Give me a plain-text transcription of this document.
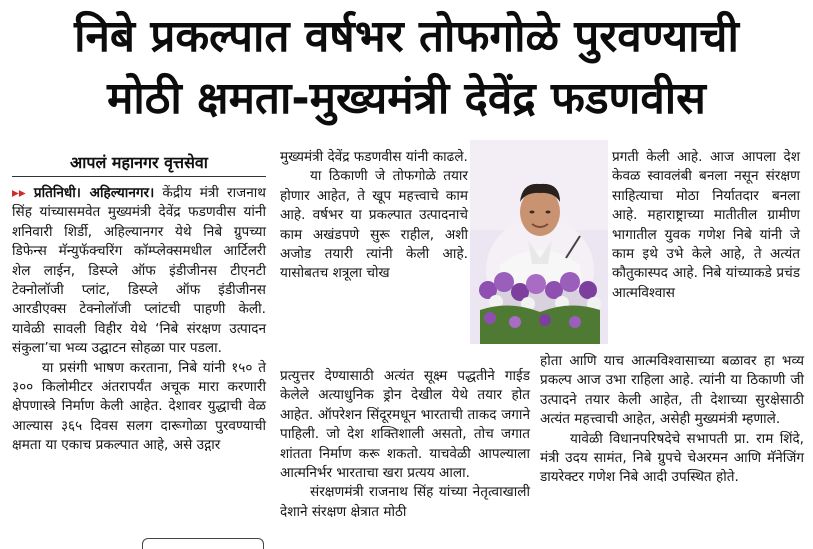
निबे प्रकल्पात वर्षभर तोफगोळे पुरवण्याची
मोठी क्षमता-मुख्यमंत्री देवेंद्र फडणवीस
आपलं महानगर वृत्तसेवा

▸▸ प्रतिनिधी। अहिल्यानगर। केंद्रीय मंत्री राजनाथ सिंह यांच्यासमवेत मुख्यमंत्री देवेंद्र फडणवीस यांनी शनिवारी शिर्डी, अहिल्यानगर येथे निबे ग्रुपच्या डिफेन्स मॅन्युफॅक्चरिंग कॉम्प्लेक्समधील आर्टिलरी शेल लाईन, डिस्प्ले ऑफ इंडीजीनस टीएनटी टेक्नोलॉजी प्लांट, डिस्प्ले ऑफ इंडीजीनस आरडीएक्स टेक्नोलॉजी प्लांटची पाहणी केली. यावेळी सावली विहीर येथे ‘निबे संरक्षण उत्पादन संकुला’चा भव्य उद्घाटन सोहळा पार पडला.

या प्रसंगी भाषण करताना, निबे यांनी १५० ते ३०० किलोमीटर अंतरापर्यंत अचूक मारा करणारी क्षेपणास्त्रे निर्माण केली आहेत. देशावर युद्धाची वेळ आल्यास ३६५ दिवस सलग दारूगोळा पुरवण्याची क्षमता या एकाच प्रकल्पात आहे, असे उद्गार

मुख्यमंत्री देवेंद्र फडणवीस यांनी काढले.

या ठिकाणी जे तोफगोळे तयार होणार आहेत, ते खूप महत्त्वाचे काम आहे. वर्षभर या प्रकल्पात उत्पादनाचे काम अखंडपणे सुरू राहील, अशी अजोड तयारी त्यांनी केली आहे. यासोबतच शत्रूला चोख

प्रत्युत्तर देण्यासाठी अत्यंत सूक्ष्म पद्धतीने गाईड केलेले अत्याधुनिक ड्रोन देखील येथे तयार होत आहेत. ऑपरेशन सिंदूरमधून भारताची ताकद जगाने पाहिली. जो देश शक्तिशाली असतो, तोच जगात शांतता निर्माण करू शकतो. याचवेळी आपल्याला आत्मनिर्भर भारताचा खरा प्रत्यय आला.

संरक्षणमंत्री राजनाथ सिंह यांच्या नेतृत्वाखाली देशाने संरक्षण क्षेत्रात मोठी

प्रगती केली आहे. आज आपला देश केवळ स्वावलंबी बनला नसून संरक्षण साहित्याचा मोठा निर्यातदार बनला आहे. महाराष्ट्राच्या मातीतील ग्रामीण भागातील युवक गणेश निबे यांनी जे काम इथे उभे केले आहे, ते अत्यंत कौतुकास्पद आहे. निबे यांच्याकडे प्रचंड आत्मविश्वास

होता आणि याच आत्मविश्वासाच्या बळावर हा भव्य प्रकल्प आज उभा राहिला आहे. त्यांनी या ठिकाणी जी उत्पादने तयार केली आहेत, ती देशाच्या सुरक्षेसाठी अत्यंत महत्त्वाची आहेत, असेही मुख्यमंत्री म्हणाले.

यावेळी विधानपरिषदेचे सभापती प्रा. राम शिंदे, मंत्री उदय सामंत, निबे ग्रुपचे चेअरमन आणि मॅनेजिंग डायरेक्टर गणेश निबे आदी उपस्थित होते.
